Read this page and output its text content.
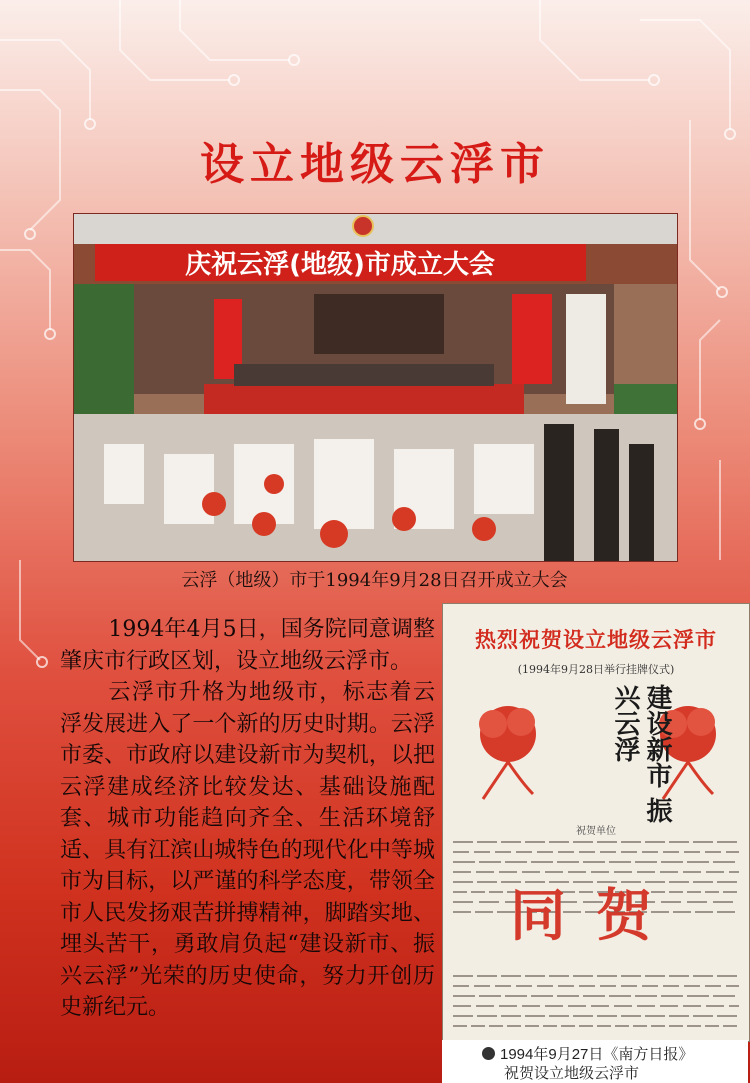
设立地级云浮市
庆祝云浮(地级)市成立大会
云浮（地级）市于1994年9月28日召开成立大会

1994年4月5日，国务院同意调整肇庆市行政区划，设立地级云浮市。

云浮市升格为地级市，标志着云浮发展进入了一个新的历史时期。云浮市委、市政府以建设新市为契机，以把云浮建成经济比较发达、基础设施配套、城市功能趋向齐全、生活环境舒适、具有江滨山城特色的现代化中等城市为目标，以严谨的科学态度，带领全市人民发扬艰苦拼搏精神，脚踏实地、埋头苦干，勇敢肩负起“建设新市、振兴云浮”光荣的历史使命，努力开创历史新纪元。

热烈祝贺设立地级云浮市
(1994年9月28日举行挂牌仪式)
建设新市 振兴云浮
祝贺单位
同贺
1994年9月27日《南方日报》
祝贺设立地级云浮市
